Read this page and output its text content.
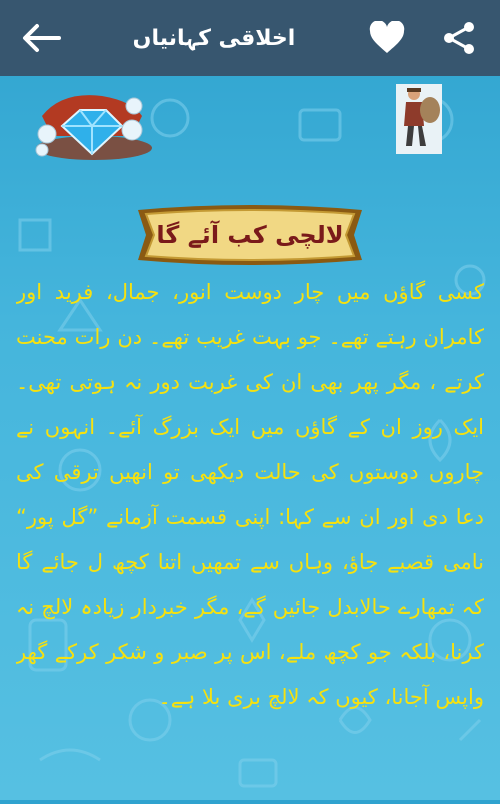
اخلاقی کہانیاں
لالچی کب آئے گا
کسی گاؤں میں چار دوست انور، جمال، فرید اور کامران رہتے تھے۔ جو بہت غریب تھے۔ دن رات محنت کرتے ، مگر پھر بھی ان کی غربت دور نہ ہوتی تھی۔ ایک روز ان کے گاؤں میں ایک بزرگ آئے۔ انہوں نے چاروں دوستوں کی حالت دیکھی تو انھیں ترقی کی دعا دی اور ان سے کہا: اپنی قسمت آزمانے ”گل پور“ نامی قصبے جاؤ، وہاں سے تمھیں اتنا کچھ ل جائے گا کہ تمھارے حالابدل جائیں گے، مگر خبردار زیادہ لالچ نہ کرنا، بلکہ جو کچھ ملے، اس پر صبر و شکر کرکے گھر واپس آجانا، کیوں کہ لالچ بری بلا ہے۔
